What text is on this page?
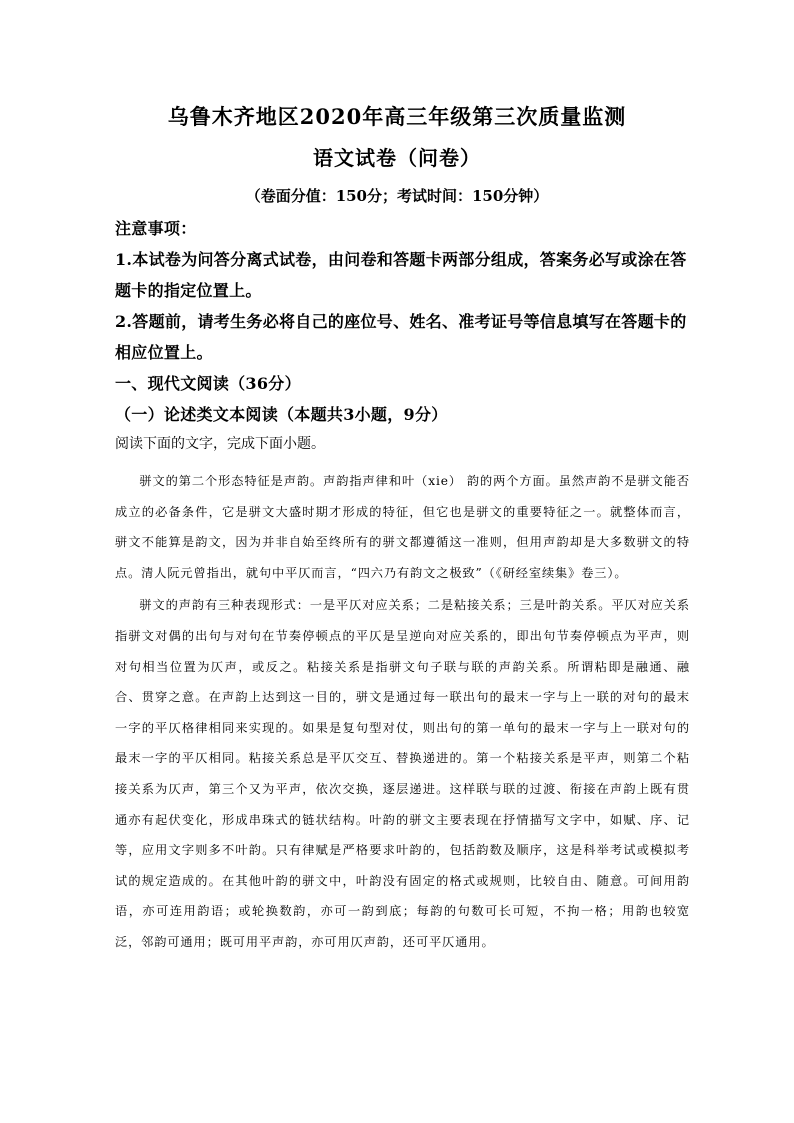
乌鲁木齐地区2020年高三年级第三次质量监测
语文试卷（问卷）
（卷面分值：150分；考试时间：150分钟）
注意事项：
1.本试卷为问答分离式试卷，由问卷和答题卡两部分组成，答案务必写或涂在答题卡的指定位置上。
2.答题前，请考生务必将自己的座位号、姓名、准考证号等信息填写在答题卡的相应位置上。
一、现代文阅读（36分）
（一）论述类文本阅读（本题共3小题，9分）
阅读下面的文字，完成下面小题。

骈文的第二个形态特征是声韵。声韵指声律和叶（xie） 韵的两个方面。虽然声韵不是骈文能否成立的必备条件，它是骈文大盛时期才形成的特征，但它也是骈文的重要特征之一。就整体而言，骈文不能算是韵文，因为并非自始至终所有的骈文都遵循这一准则，但用声韵却是大多数骈文的特点。清人阮元曾指出，就句中平仄而言，“四六乃有韵文之极致”（《研经室续集》卷三）。

骈文的声韵有三种表现形式：一是平仄对应关系；二是粘接关系；三是叶韵关系。平仄对应关系指骈文对偶的出句与对句在节奏停顿点的平仄是呈逆向对应关系的，即出句节奏停顿点为平声，则对句相当位置为仄声，或反之。粘接关系是指骈文句子联与联的声韵关系。所谓粘即是融通、融合、贯穿之意。在声韵上达到这一目的，骈文是通过每一联出句的最末一字与上一联的对句的最末一字的平仄格律相同来实现的。如果是复句型对仗，则出句的第一单句的最末一字与上一联对句的最末一字的平仄相同。粘接关系总是平仄交互、替换递进的。第一个粘接关系是平声，则第二个粘接关系为仄声，第三个又为平声，依次交换，逐层递进。这样联与联的过渡、衔接在声韵上既有贯通亦有起伏变化，形成串珠式的链状结构。叶韵的骈文主要表现在抒情描写文字中，如赋、序、记等，应用文字则多不叶韵。只有律赋是严格要求叶韵的，包括韵数及顺序，这是科举考试或模拟考试的规定造成的。在其他叶韵的骈文中，叶韵没有固定的格式或规则，比较自由、随意。可间用韵语，亦可连用韵语；或轮换数韵，亦可一韵到底；每韵的句数可长可短，不拘一格；用韵也较宽泛，邻韵可通用；既可用平声韵，亦可用仄声韵，还可平仄通用。
